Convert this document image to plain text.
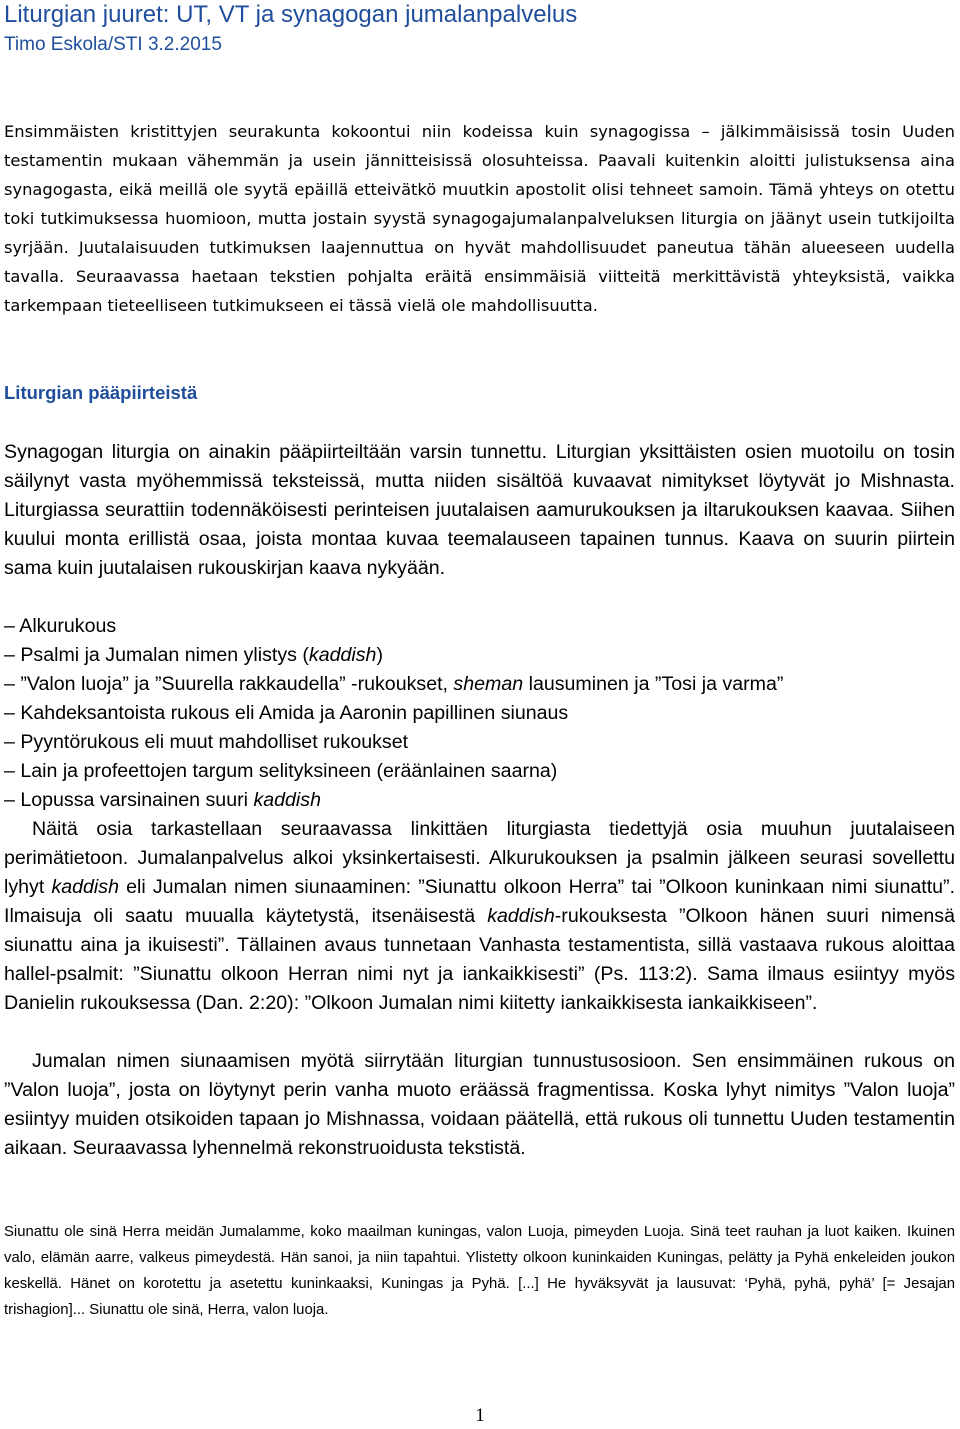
Liturgian juuret: UT, VT ja synagogan jumalanpalvelus
Timo Eskola/STI 3.2.2015

Ensimmäisten kristittyjen seurakunta kokoontui niin kodeissa kuin synagogissa – jälkimmäisissä tosin Uuden testamentin mukaan vähemmän ja usein jännitteisissä olosuhteissa. Paavali kuitenkin aloitti julistuksensa aina synagogasta, eikä meillä ole syytä epäillä etteivätkö muutkin apostolit olisi tehneet samoin. Tämä yhteys on otettu toki tutkimuksessa huomioon, mutta jostain syystä synagogajumalanpalveluksen liturgia on jäänyt usein tutkijoilta syrjään. Juutalaisuuden tutkimuksen laajennuttua on hyvät mahdollisuudet paneutua tähän alueeseen uudella tavalla. Seuraavassa haetaan tekstien pohjalta eräitä ensimmäisiä viitteitä merkittävistä yhteyksistä, vaikka tarkempaan tieteelliseen tutkimukseen ei tässä vielä ole mahdollisuutta.

Liturgian pääpiirteistä

Synagogan liturgia on ainakin pääpiirteiltään varsin tunnettu. Liturgian yksittäisten osien muotoilu on tosin säilynyt vasta myöhemmissä teksteissä, mutta niiden sisältöä kuvaavat nimitykset löytyvät jo Mishnasta. Liturgiassa seurattiin todennäköisesti perinteisen juutalaisen aamurukouksen ja iltarukouksen kaavaa. Siihen kuului monta erillistä osaa, joista montaa kuvaa teemalauseen tapainen tunnus. Kaava on suurin piirtein sama kuin juutalaisen rukouskirjan kaava nykyään.

– Alkurukous
– Psalmi ja Jumalan nimen ylistys (kaddish)
– ”Valon luoja” ja ”Suurella rakkaudella” -rukoukset, sheman lausuminen ja ”Tosi ja varma”
– Kahdeksantoista rukous eli Amida ja Aaronin papillinen siunaus
– Pyyntörukous eli muut mahdolliset rukoukset
– Lain ja profeettojen targum selityksineen (eräänlainen saarna)
– Lopussa varsinainen suuri kaddish

Näitä osia tarkastellaan seuraavassa linkittäen liturgiasta tiedettyjä osia muuhun juutalaiseen perimätietoon. Jumalanpalvelus alkoi yksinkertaisesti. Alkurukouksen ja psalmin jälkeen seurasi sovellettu lyhyt kaddish eli Jumalan nimen siunaaminen: ”Siunattu olkoon Herra” tai ”Olkoon kuninkaan nimi siunattu”. Ilmaisuja oli saatu muualla käytetystä, itsenäisestä kaddish-rukouksesta ”Olkoon hänen suuri nimensä siunattu aina ja ikuisesti”. Tällainen avaus tunnetaan Vanhasta testamentista, sillä vastaava rukous aloittaa hallel-psalmit: ”Siunattu olkoon Herran nimi nyt ja iankaikkisesti” (Ps. 113:2). Sama ilmaus esiintyy myös Danielin rukouksessa (Dan. 2:20): ”Olkoon Jumalan nimi kiitetty iankaikkisesta iankaikkiseen”.

Jumalan nimen siunaamisen myötä siirrytään liturgian tunnustusosioon. Sen ensimmäinen rukous on ”Valon luoja”, josta on löytynyt perin vanha muoto eräässä fragmentissa. Koska lyhyt nimitys ”Valon luoja” esiintyy muiden otsikoiden tapaan jo Mishnassa, voidaan päätellä, että rukous oli tunnettu Uuden testamentin aikaan. Seuraavassa lyhennelmä rekonstruoidusta tekstistä.

Siunattu ole sinä Herra meidän Jumalamme, koko maailman kuningas, valon Luoja, pimeyden Luoja. Sinä teet rauhan ja luot kaiken. Ikuinen valo, elämän aarre, valkeus pimeydestä. Hän sanoi, ja niin tapahtui. Ylistetty olkoon kuninkaiden Kuningas, pelätty ja Pyhä enkeleiden joukon keskellä. Hänet on korotettu ja asetettu kuninkaaksi, Kuningas ja Pyhä. [...] He hyväksyvät ja lausuvat: ‘Pyhä, pyhä, pyhä’ [= Jesajan trishagion]... Siunattu ole sinä, Herra, valon luoja.

1
